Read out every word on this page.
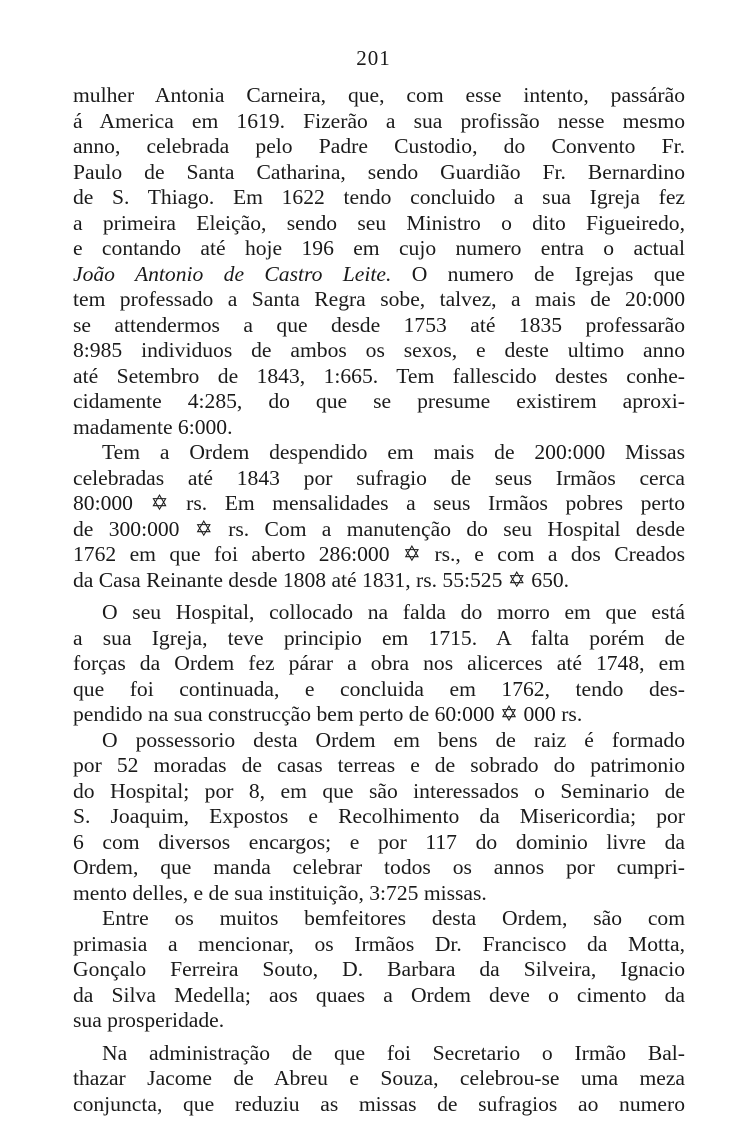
201
mulher Antonia Carneira, que, com esse intento, passárão
á America em 1619. Fizerão a sua profissão nesse mesmo
anno, celebrada pelo Padre Custodio, do Convento Fr.
Paulo de Santa Catharina, sendo Guardião Fr. Bernardino
de S. Thiago. Em 1622 tendo concluido a sua Igreja fez
a primeira Eleição, sendo seu Ministro o dito Figueiredo,
e contando até hoje 196 em cujo numero entra o actual
João Antonio de Castro Leite. O numero de Igrejas que
tem professado a Santa Regra sobe, talvez, a mais de 20:000
se attendermos a que desde 1753 até 1835 professarão
8:985 individuos de ambos os sexos, e deste ultimo anno
até Setembro de 1843, 1:665. Tem fallescido destes conhe-
cidamente 4:285, do que se presume existirem aproxi-
madamente 6:000.
Tem a Ordem despendido em mais de 200:000 Missas
celebradas até 1843 por sufragio de seus Irmãos cerca
80:000 ✡ rs. Em mensalidades a seus Irmãos pobres perto
de 300:000 ✡ rs. Com a manutenção do seu Hospital desde
1762 em que foi aberto 286:000 ✡ rs., e com a dos Creados
da Casa Reinante desde 1808 até 1831, rs. 55:525 ✡ 650.
O seu Hospital, collocado na falda do morro em que está
a sua Igreja, teve principio em 1715. A falta porém de
forças da Ordem fez párar a obra nos alicerces até 1748, em
que foi continuada, e concluida em 1762, tendo des-
pendido na sua construcção bem perto de 60:000 ✡ 000 rs.
O possessorio desta Ordem em bens de raiz é formado
por 52 moradas de casas terreas e de sobrado do patrimonio
do Hospital; por 8, em que são interessados o Seminario de
S. Joaquim, Expostos e Recolhimento da Misericordia; por
6 com diversos encargos; e por 117 do dominio livre da
Ordem, que manda celebrar todos os annos por cumpri-
mento delles, e de sua instituição, 3:725 missas.
Entre os muitos bemfeitores desta Ordem, são com
primasia a mencionar, os Irmãos Dr. Francisco da Motta,
Gonçalo Ferreira Souto, D. Barbara da Silveira, Ignacio
da Silva Medella; aos quaes a Ordem deve o cimento da
sua prosperidade.
Na administração de que foi Secretario o Irmão Bal-
thazar Jacome de Abreu e Souza, celebrou-se uma meza
conjuncta, que reduziu as missas de sufragios ao numero
